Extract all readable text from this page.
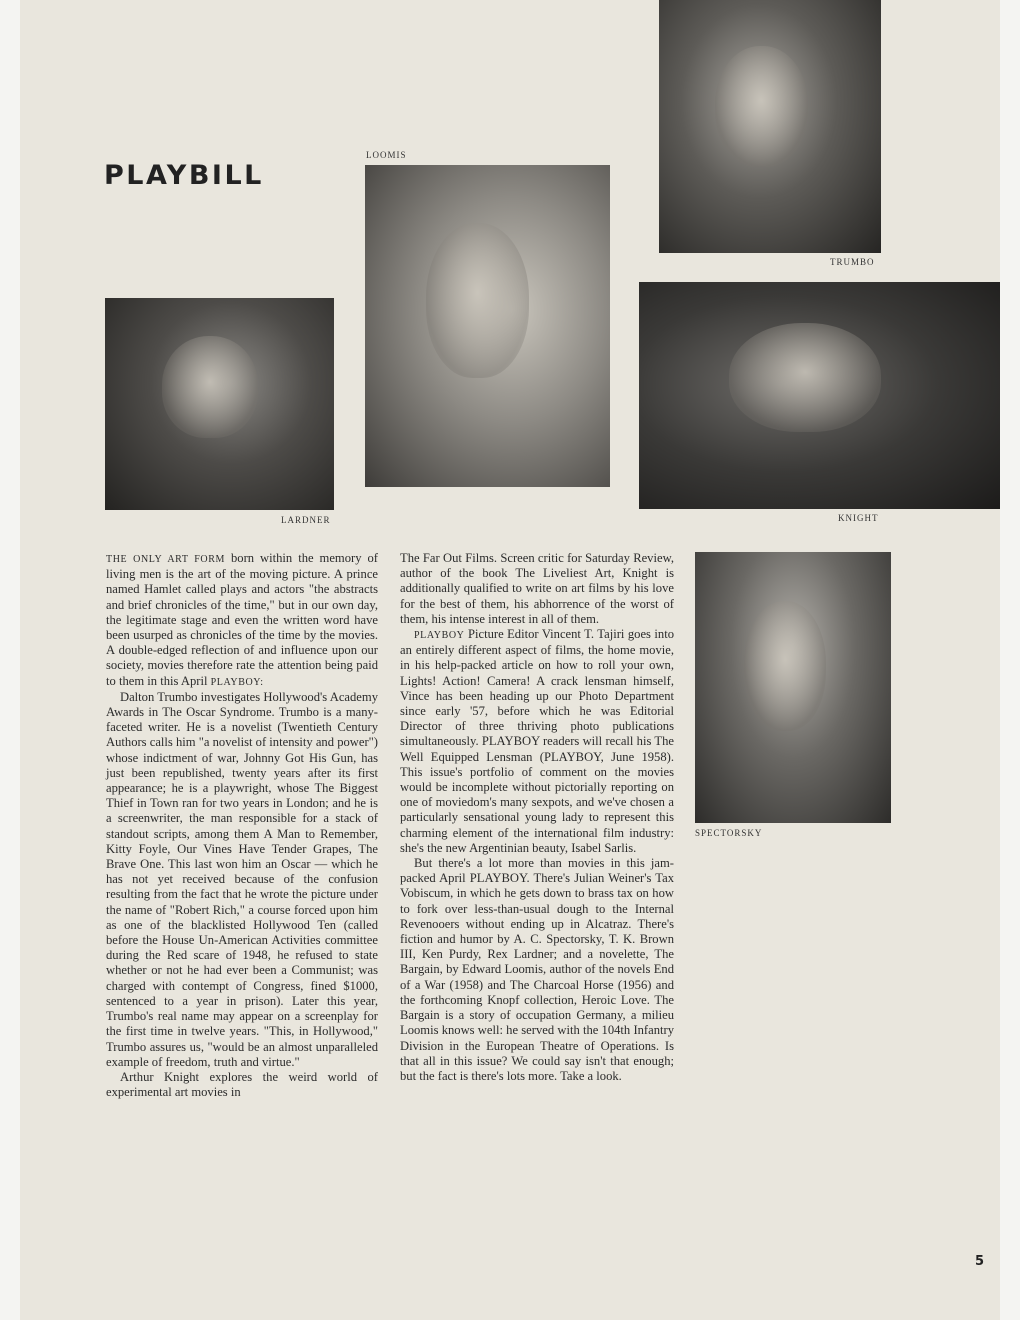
PLAYBILL
LOOMIS
TRUMBO
LARDNER	KNIGHT
SPECTORSKY

THE ONLY ART FORM born within the memory of living men is the art of the moving picture. A prince named Hamlet called plays and actors "the abstracts and brief chronicles of the time," but in our own day, the legitimate stage and even the written word have been usurped as chronicles of the time by the movies. A double-edged reflection of and influence upon our society, movies therefore rate the attention being paid to them in this April PLAYBOY:

Dalton Trumbo investigates Hollywood's Academy Awards in The Oscar Syndrome. Trumbo is a many-faceted writer. He is a novelist (Twentieth Century Authors calls him "a novelist of intensity and power") whose indictment of war, Johnny Got His Gun, has just been republished, twenty years after its first appearance; he is a playwright, whose The Biggest Thief in Town ran for two years in London; and he is a screenwriter, the man responsible for a stack of standout scripts, among them A Man to Remember, Kitty Foyle, Our Vines Have Tender Grapes, The Brave One. This last won him an Oscar — which he has not yet received because of the confusion resulting from the fact that he wrote the picture under the name of "Robert Rich," a course forced upon him as one of the blacklisted Hollywood Ten (called before the House Un-American Activities committee during the Red scare of 1948, he refused to state whether or not he had ever been a Communist; was charged with contempt of Congress, fined $1000, sentenced to a year in prison). Later this year, Trumbo's real name may appear on a screenplay for the first time in twelve years. "This, in Hollywood," Trumbo assures us, "would be an almost unparalleled example of freedom, truth and virtue."

Arthur Knight explores the weird world of experimental art movies in

The Far Out Films. Screen critic for Saturday Review, author of the book The Liveliest Art, Knight is additionally qualified to write on art films by his love for the best of them, his abhorrence of the worst of them, his intense interest in all of them.

PLAYBOY Picture Editor Vincent T. Tajiri goes into an entirely different aspect of films, the home movie, in his help-packed article on how to roll your own, Lights! Action! Camera! A crack lensman himself, Vince has been heading up our Photo Department since early '57, before which he was Editorial Director of three thriving photo publications simultaneously. PLAYBOY readers will recall his The Well Equipped Lensman (PLAYBOY, June 1958). This issue's portfolio of comment on the movies would be incomplete without pictorially reporting on one of moviedom's many sexpots, and we've chosen a particularly sensational young lady to represent this charming element of the international film industry: she's the new Argentinian beauty, Isabel Sarlis.

But there's a lot more than movies in this jam-packed April PLAYBOY. There's Julian Weiner's Tax Vobiscum, in which he gets down to brass tax on how to fork over less-than-usual dough to the Internal Revenooers without ending up in Alcatraz. There's fiction and humor by A. C. Spectorsky, T. K. Brown III, Ken Purdy, Rex Lardner; and a novelette, The Bargain, by Edward Loomis, author of the novels End of a War (1958) and The Charcoal Horse (1956) and the forthcoming Knopf collection, Heroic Love. The Bargain is a story of occupation Germany, a milieu Loomis knows well: he served with the 104th Infantry Division in the European Theatre of Operations. Is that all in this issue? We could say isn't that enough; but the fact is there's lots more. Take a look.

5
